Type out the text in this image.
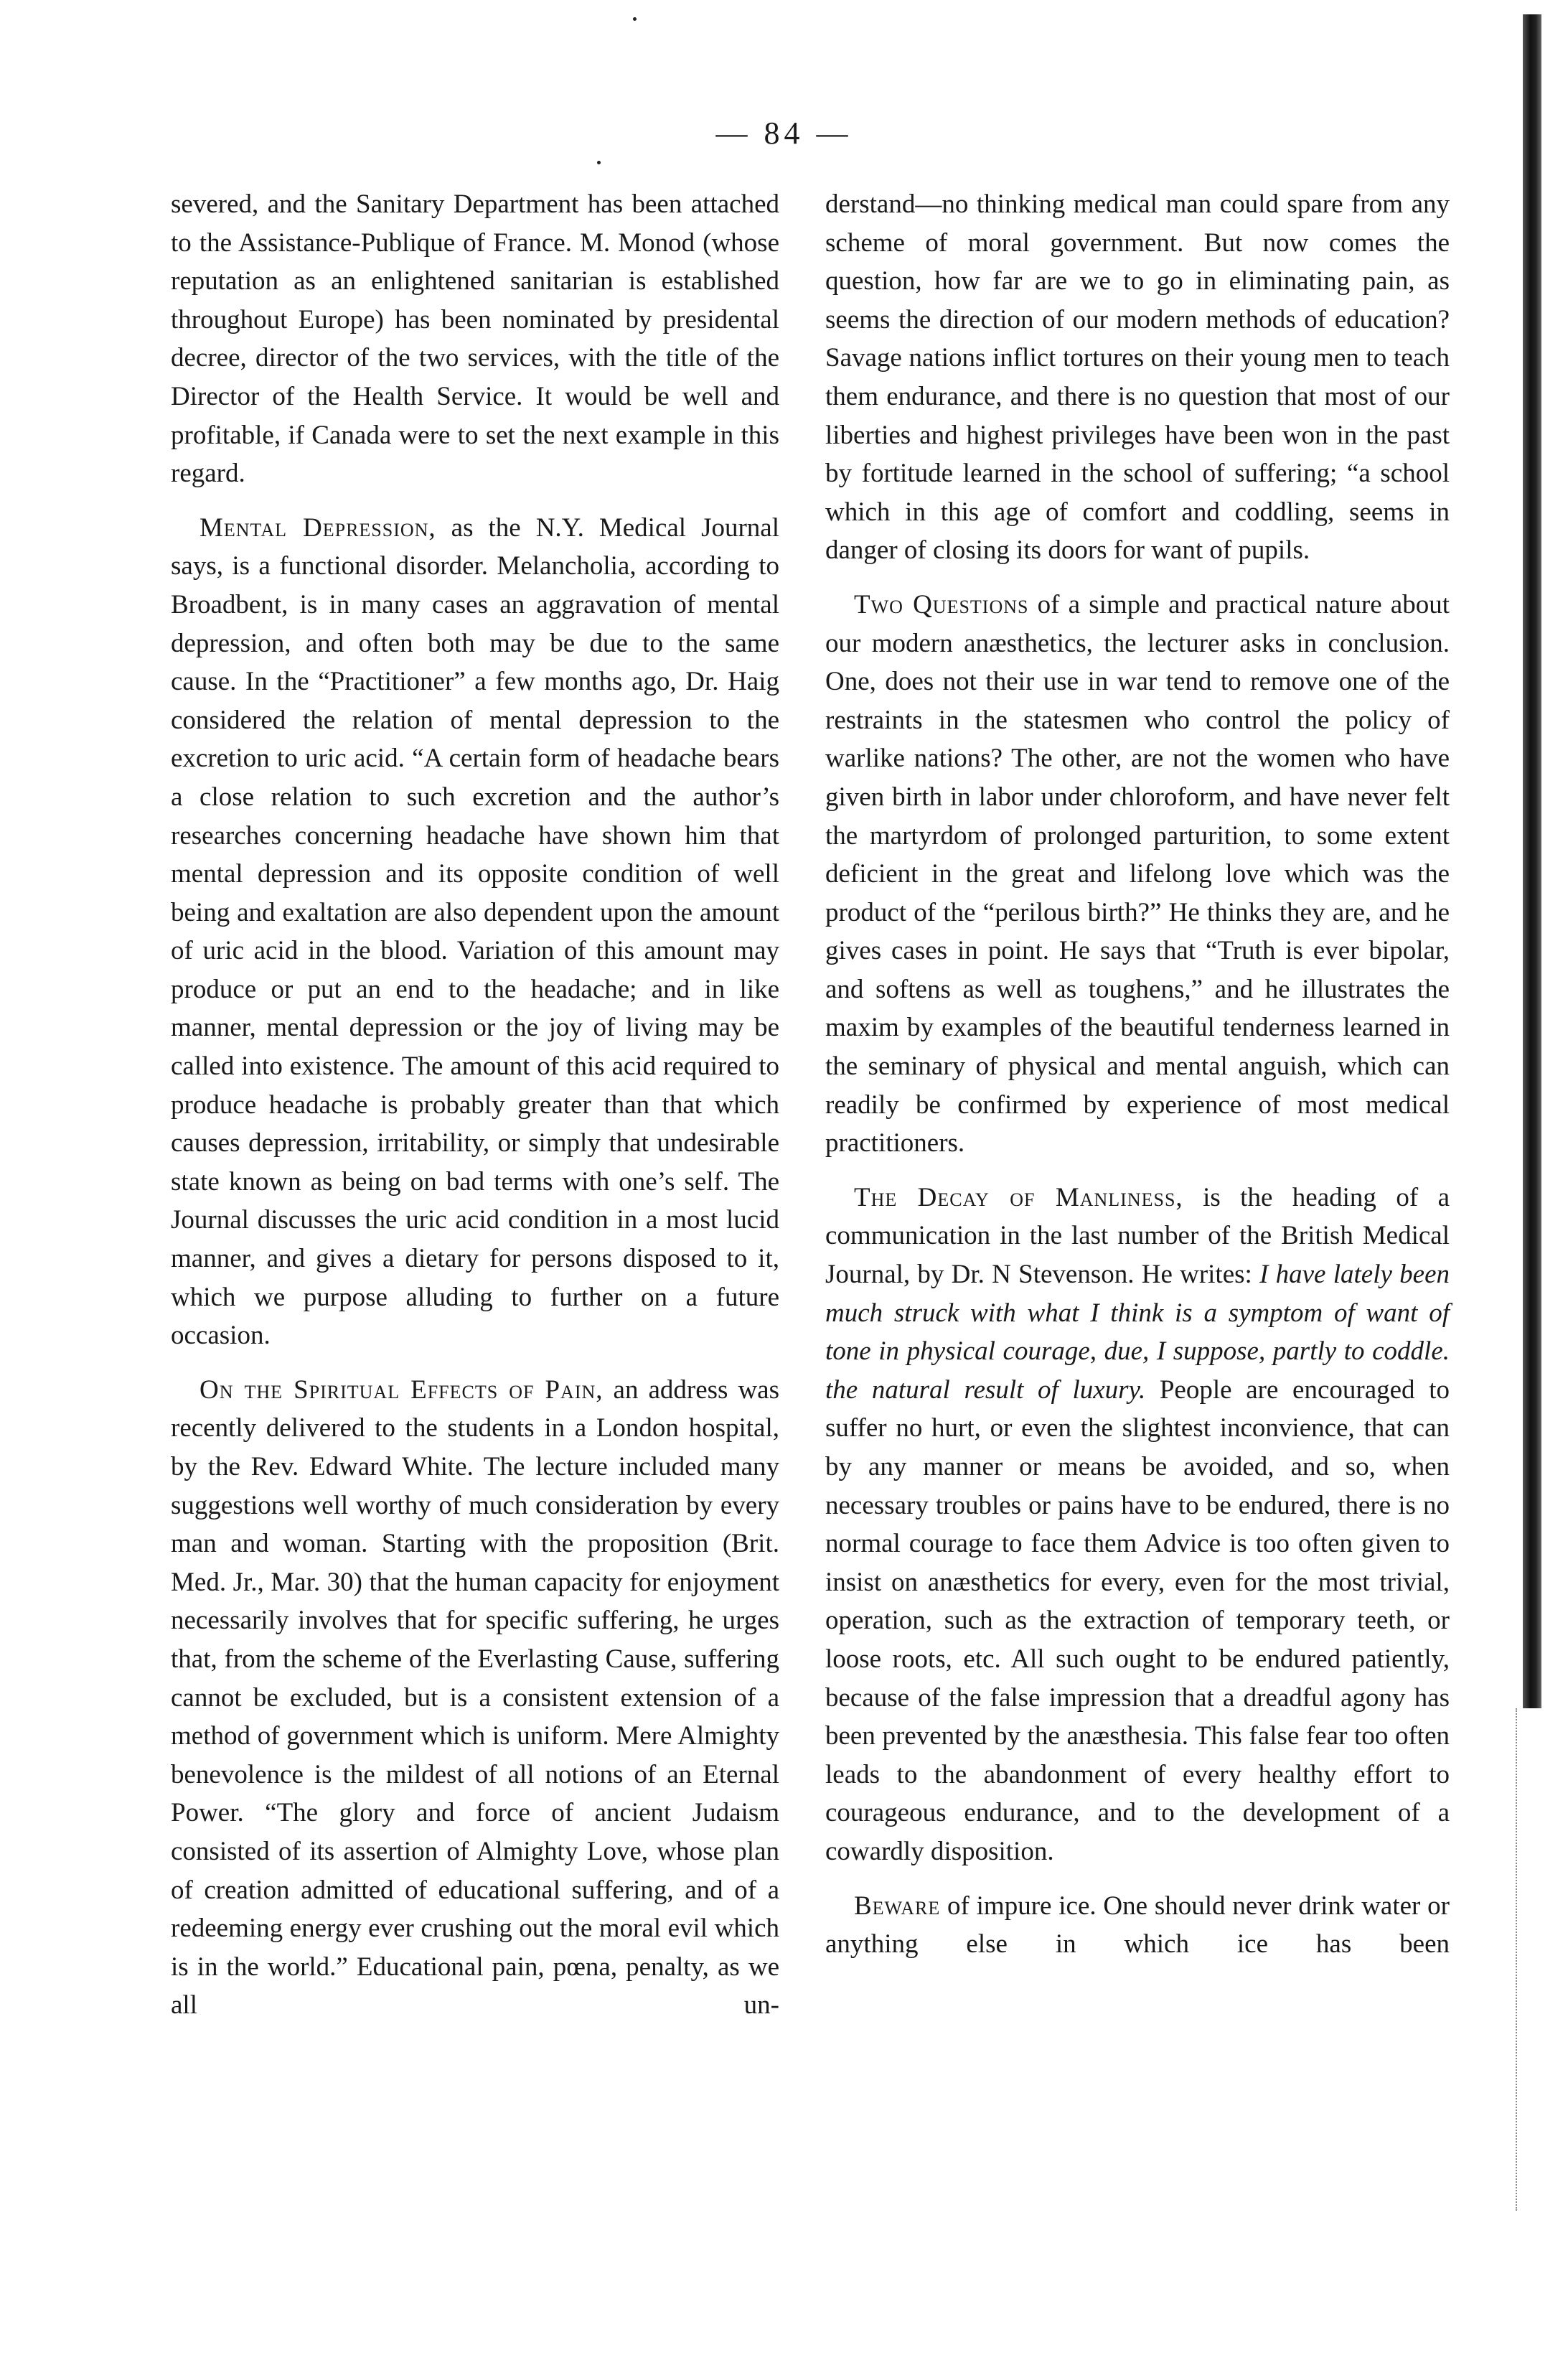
— 84 —

severed, and the Sanitary Department has been attached to the Assistance-Publique of France. M. Monod (whose reputation as an enlightened sanitarian is established throughout Europe) has been nominated by presidental decree, director of the two services, with the title of the Director of the Health Service. It would be well and profitable, if Canada were to set the next example in this regard.

Mental Depression, as the N.Y. Medical Journal says, is a functional disorder. Melancholia, according to Broadbent, is in many cases an aggravation of mental depression, and often both may be due to the same cause. In the “Practitioner” a few months ago, Dr. Haig considered the relation of mental depression to the excretion to uric acid. “A certain form of headache bears a close relation to such excretion and the author’s researches concerning headache have shown him that mental depression and its opposite condition of well being and exaltation are also dependent upon the amount of uric acid in the blood. Variation of this amount may produce or put an end to the headache; and in like manner, mental depression or the joy of living may be called into existence. The amount of this acid required to produce headache is probably greater than that which causes depression, irritability, or simply that undesirable state known as being on bad terms with one’s self. The Journal discusses the uric acid condition in a most lucid manner, and gives a dietary for persons disposed to it, which we purpose alluding to further on a future occasion.

On the Spiritual Effects of Pain, an address was recently delivered to the students in a London hospital, by the Rev. Edward White. The lecture included many suggestions well worthy of much consideration by every man and woman. Starting with the proposition (Brit. Med. Jr., Mar. 30) that the human capacity for enjoyment necessarily involves that for specific suffering, he urges that, from the scheme of the Everlasting Cause, suffering cannot be excluded, but is a consistent extension of a method of government which is uniform. Mere Almighty benevolence is the mildest of all notions of an Eternal Power. “The glory and force of ancient Judaism consisted of its assertion of Almighty Love, whose plan of creation admitted of educational suffering, and of a redeeming energy ever crushing out the moral evil which is in the world.” Educational pain, pœna, penalty, as we all un-

derstand—no thinking medical man could spare from any scheme of moral government. But now comes the question, how far are we to go in eliminating pain, as seems the direction of our modern methods of education? Savage nations inflict tortures on their young men to teach them endurance, and there is no question that most of our liberties and highest privileges have been won in the past by fortitude learned in the school of suffering; “a school which in this age of comfort and coddling, seems in danger of closing its doors for want of pupils.

Two Questions of a simple and practical nature about our modern anæsthetics, the lecturer asks in conclusion. One, does not their use in war tend to remove one of the restraints in the statesmen who control the policy of warlike nations? The other, are not the women who have given birth in labor under chloroform, and have never felt the martyrdom of prolonged parturition, to some extent deficient in the great and lifelong love which was the product of the “perilous birth?” He thinks they are, and he gives cases in point. He says that “Truth is ever bipolar, and softens as well as toughens,” and he illustrates the maxim by examples of the beautiful tenderness learned in the seminary of physical and mental anguish, which can readily be confirmed by experience of most medical practitioners.

The Decay of Manliness, is the heading of a communication in the last number of the British Medical Journal, by Dr. N Stevenson. He writes: I have lately been much struck with what I think is a symptom of want of tone in physical courage, due, I suppose, partly to coddle. the natural result of luxury. People are encouraged to suffer no hurt, or even the slightest inconvience, that can by any manner or means be avoided, and so, when necessary troubles or pains have to be endured, there is no normal courage to face them Advice is too often given to insist on anæsthetics for every, even for the most trivial, operation, such as the extraction of temporary teeth, or loose roots, etc. All such ought to be endured patiently, because of the false impression that a dreadful agony has been prevented by the anæsthesia. This false fear too often leads to the abandonment of every healthy effort to courageous endurance, and to the development of a cowardly disposition.

Beware of impure ice. One should never drink water or anything else in which ice has been
